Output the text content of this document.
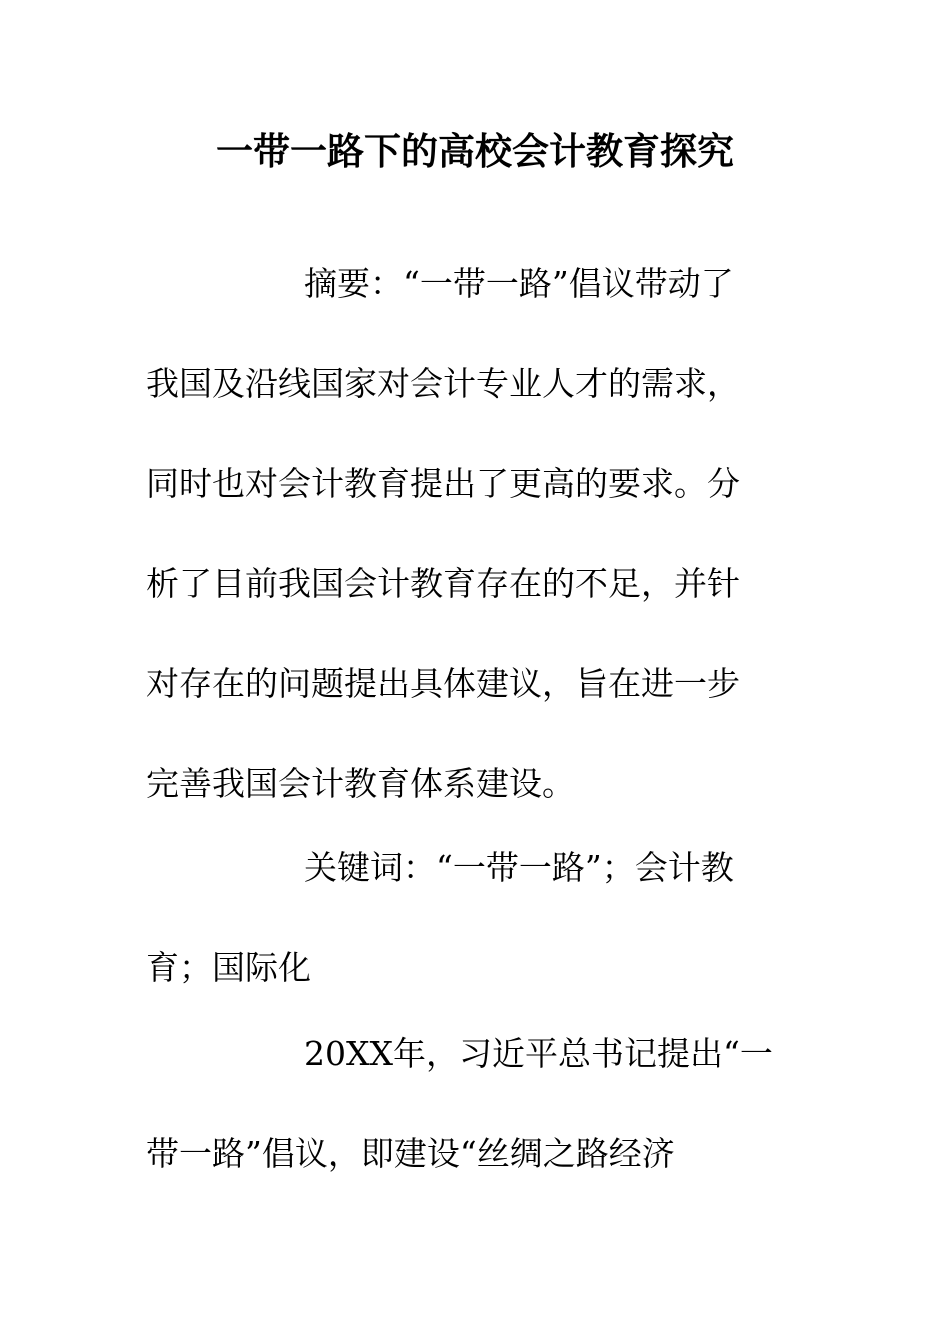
一带一路下的高校会计教育探究
摘要：“一带一路”倡议带动了
我国及沿线国家对会计专业人才的需求，
同时也对会计教育提出了更高的要求。分
析了目前我国会计教育存在的不足，并针
对存在的问题提出具体建议，旨在进一步
完善我国会计教育体系建设。
关键词：“一带一路”；会计教
育；国际化
20XX年，习近平总书记提出“一
带一路”倡议，即建设“丝绸之路经济
